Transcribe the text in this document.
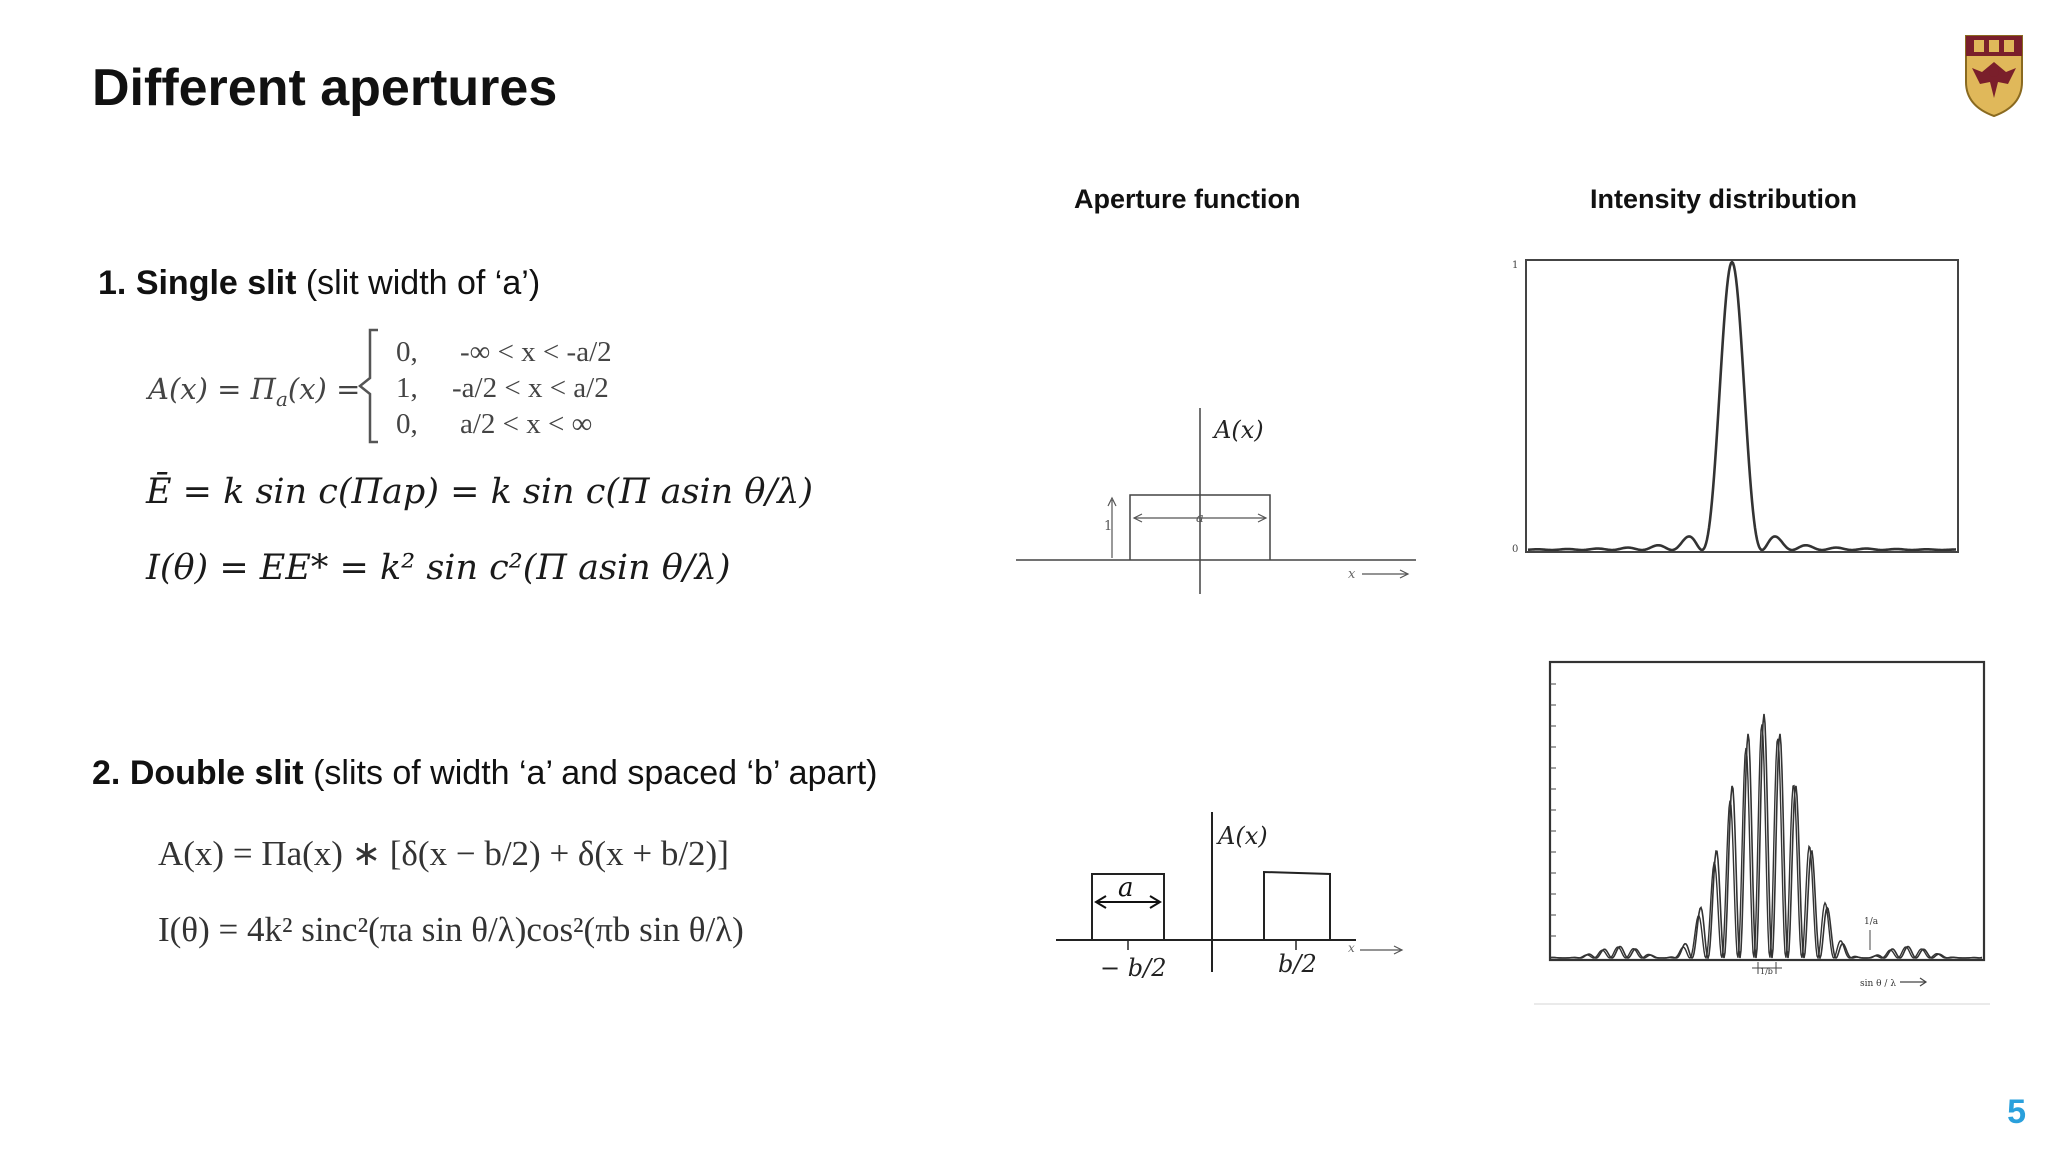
Different apertures
Aperture function	Intensity distribution
1. Single slit (slit width of ‘a’)
$A(x) = \Pi_a(x)$ =
0, -∞ < x < -a/2
1, -a/2 < x < a/2
0, a/2 < x < ∞
Ē = k sin c(Πap) = k sin c(Π asin θ/λ)
I(θ) = EE* = k² sin c²(Π asin θ/λ)
1
a
A(x)
x
1
0
2. Double slit (slits of width ‘a’ and spaced ‘b’ apart)
A(x) = Πa(x) ∗ [δ(x − b/2) + δ(x + b/2)]
I(θ) = 4k² sinc²(πa sin θ/λ)cos²(πb sin θ/λ)
a
A(x)
− b/2	b/2
x
1/b
1/a
sin θ / λ
5
